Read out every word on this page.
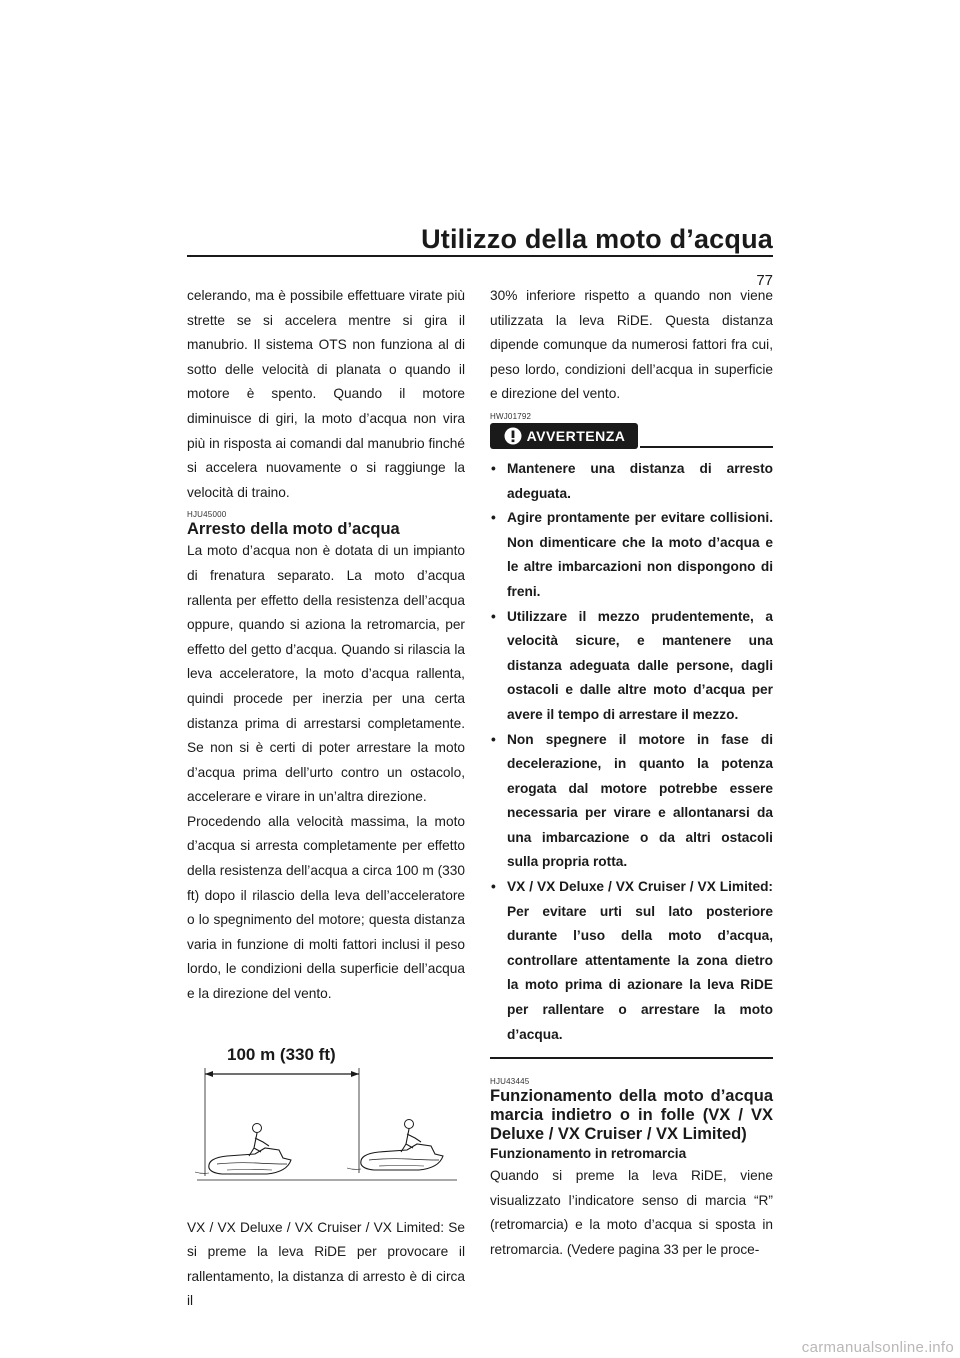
Utilizzo della moto d’acqua
77

celerando, ma è possibile effettuare virate più strette se si accelera mentre si gira il manubrio. Il sistema OTS non funziona al di sotto delle velocità di planata o quando il motore è spento. Quando il motore diminuisce di giri, la moto d’acqua non vira più in risposta ai comandi dal manubrio finché si accelera nuovamente o si raggiunge la velocità di traino.

HJU45000
Arresto della moto d’acqua

La moto d’acqua non è dotata di un impianto di frenatura separato. La moto d’acqua rallenta per effetto della resistenza dell’acqua oppure, quando si aziona la retromarcia, per effetto del getto d’acqua. Quando si rilascia la leva acceleratore, la moto d’acqua rallenta, quindi procede per inerzia per una certa distanza prima di arrestarsi completamente. Se non si è certi di poter arrestare la moto d’acqua prima dell’urto contro un ostacolo, accelerare e virare in un’altra direzione.

Procedendo alla velocità massima, la moto d’acqua si arresta completamente per effetto della resistenza dell’acqua a circa 100 m (330 ft) dopo il rilascio della leva dell’acceleratore o lo spegnimento del motore; questa distanza varia in funzione di molti fattori inclusi il peso lordo, le condizioni della superficie dell’acqua e la direzione del vento.

100 m (330 ft)

VX / VX Deluxe / VX Cruiser / VX Limited: Se si preme la leva RiDE per provocare il rallentamento, la distanza di arresto è di circa il

30% inferiore rispetto a quando non viene utilizzata la leva RiDE. Questa distanza dipende comunque da numerosi fattori fra cui, peso lordo, condizioni dell’acqua in superficie e direzione del vento.

HWJ01792
AVVERTENZA
• Mantenere una distanza di arresto adeguata.
• Agire prontamente per evitare collisioni. Non dimenticare che la moto d’acqua e le altre imbarcazioni non dispongono di freni.
• Utilizzare il mezzo prudentemente, a velocità sicure, e mantenere una distanza adeguata dalle persone, dagli ostacoli e dalle altre moto d’acqua per avere il tempo di arrestare il mezzo.
• Non spegnere il motore in fase di decelerazione, in quanto la potenza erogata dal motore potrebbe essere necessaria per virare e allontanarsi da una imbarcazione o da altri ostacoli sulla propria rotta.
• VX / VX Deluxe / VX Cruiser / VX Limited: Per evitare urti sul lato posteriore durante l’uso della moto d’acqua, controllare attentamente la zona dietro la moto prima di azionare la leva RiDE per rallentare o arrestare la moto d’acqua.
HJU43445
Funzionamento della moto d’acqua marcia indietro o in folle (VX / VX Deluxe / VX Cruiser / VX Limited)
Funzionamento in retromarcia

Quando si preme la leva RiDE, viene visualizzato l’indicatore senso di marcia “R” (retromarcia) e la moto d’acqua si sposta in retromarcia. (Vedere pagina 33 per le proce-

carmanualsonline.info
